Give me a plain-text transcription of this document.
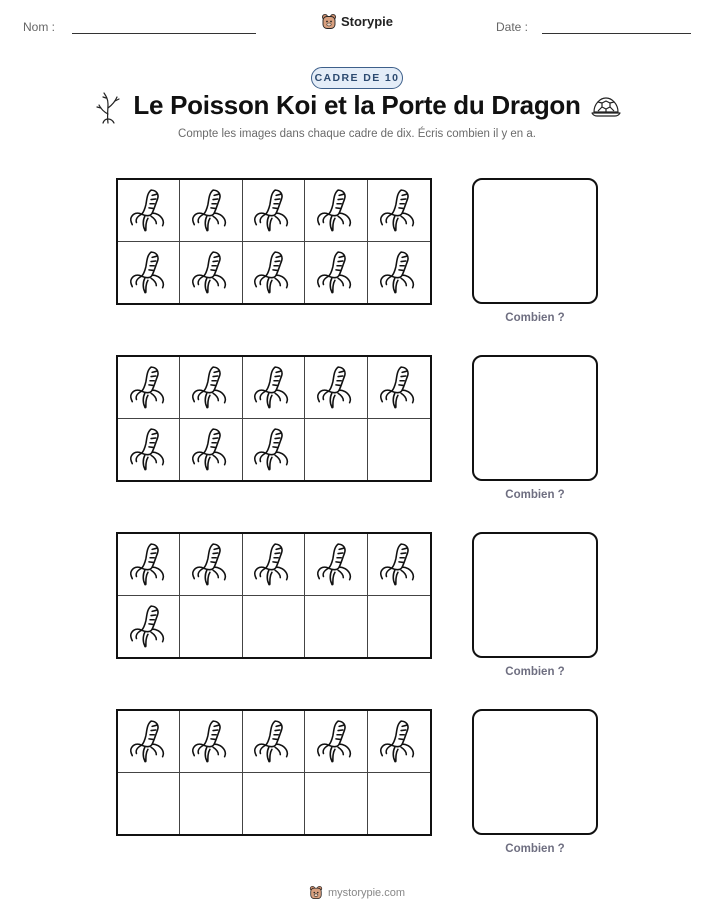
Nom :	Storypie	Date :
CADRE DE 10
Le Poisson Koi et la Porte du Dragon
Compte les images dans chaque cadre de dix. Écris combien il y en a.
Combien ?
Combien ?
Combien ?
Combien ?
mystorypie.com
